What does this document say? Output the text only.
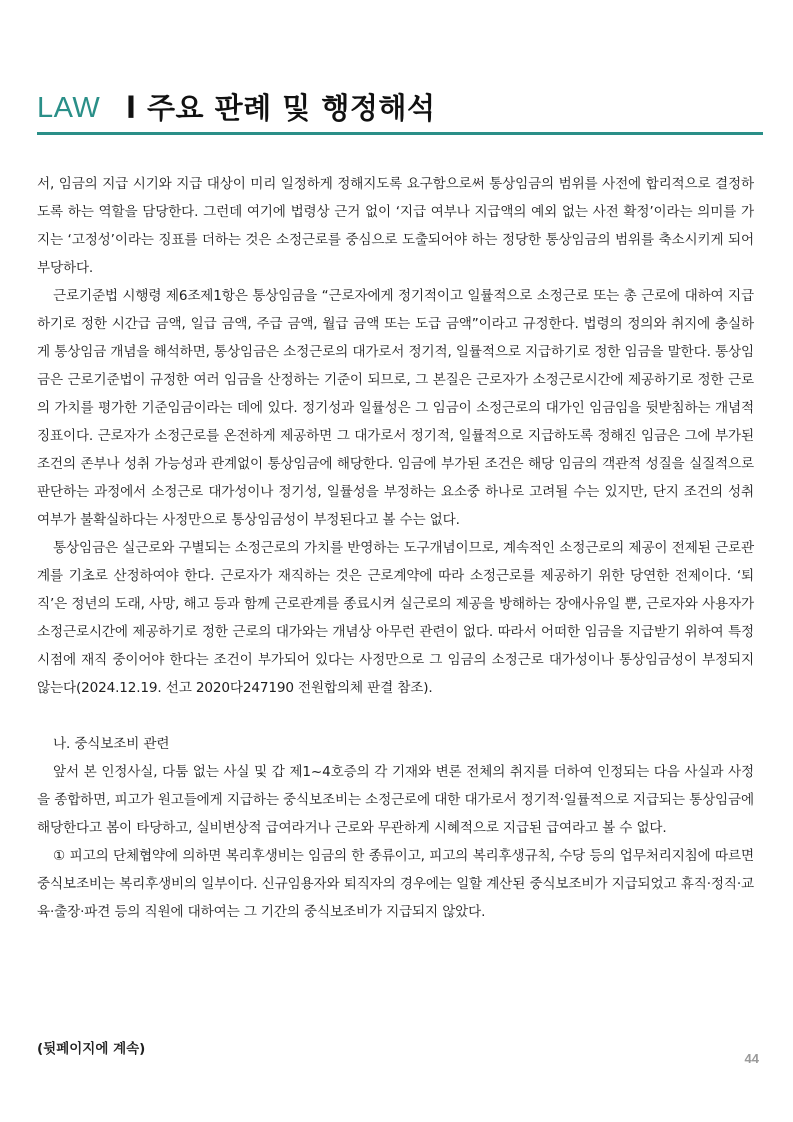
LAW l 주요 판례 및 행정해석

서, 임금의 지급 시기와 지급 대상이 미리 일정하게 정해지도록 요구함으로써 통상임금의 범위를 사전에 합리적으로 결정하도록 하는 역할을 담당한다. 그런데 여기에 법령상 근거 없이 ‘지급 여부나 지급액의 예외 없는 사전 확정’이라는 의미를 가지는 ‘고정성’이라는 징표를 더하는 것은 소정근로를 중심으로 도출되어야 하는 정당한 통상임금의 범위를 축소시키게 되어 부당하다.

근로기준법 시행령 제6조제1항은 통상임금을 “근로자에게 정기적이고 일률적으로 소정근로 또는 총 근로에 대하여 지급하기로 정한 시간급 금액, 일급 금액, 주급 금액, 월급 금액 또는 도급 금액”이라고 규정한다. 법령의 정의와 취지에 충실하게 통상임금 개념을 해석하면, 통상임금은 소정근로의 대가로서 정기적, 일률적으로 지급하기로 정한 임금을 말한다. 통상임금은 근로기준법이 규정한 여러 임금을 산정하는 기준이 되므로, 그 본질은 근로자가 소정근로시간에 제공하기로 정한 근로의 가치를 평가한 기준임금이라는 데에 있다. 정기성과 일률성은 그 임금이 소정근로의 대가인 임금임을 뒷받침하는 개념적 징표이다. 근로자가 소정근로를 온전하게 제공하면 그 대가로서 정기적, 일률적으로 지급하도록 정해진 임금은 그에 부가된 조건의 존부나 성취 가능성과 관계없이 통상임금에 해당한다. 임금에 부가된 조건은 해당 임금의 객관적 성질을 실질적으로 판단하는 과정에서 소정근로 대가성이나 정기성, 일률성을 부정하는 요소중 하나로 고려될 수는 있지만, 단지 조건의 성취 여부가 불확실하다는 사정만으로 통상임금성이 부정된다고 볼 수는 없다.

통상임금은 실근로와 구별되는 소정근로의 가치를 반영하는 도구개념이므로, 계속적인 소정근로의 제공이 전제된 근로관계를 기초로 산정하여야 한다. 근로자가 재직하는 것은 근로계약에 따라 소정근로를 제공하기 위한 당연한 전제이다. ‘퇴직’은 정년의 도래, 사망, 해고 등과 함께 근로관계를 종료시켜 실근로의 제공을 방해하는 장애사유일 뿐, 근로자와 사용자가 소정근로시간에 제공하기로 정한 근로의 대가와는 개념상 아무런 관련이 없다. 따라서 어떠한 임금을 지급받기 위하여 특정 시점에 재직 중이어야 한다는 조건이 부가되어 있다는 사정만으로 그 임금의 소정근로 대가성이나 통상임금성이 부정되지 않는다(2024.12.19. 선고 2020다247190 전원합의체 판결 참조).

나. 중식보조비 관련

앞서 본 인정사실, 다툼 없는 사실 및 갑 제1~4호증의 각 기재와 변론 전체의 취지를 더하여 인정되는 다음 사실과 사정을 종합하면, 피고가 원고들에게 지급하는 중식보조비는 소정근로에 대한 대가로서 정기적·일률적으로 지급되는 통상임금에 해당한다고 봄이 타당하고, 실비변상적 급여라거나 근로와 무관하게 시혜적으로 지급된 급여라고 볼 수 없다.

① 피고의 단체협약에 의하면 복리후생비는 임금의 한 종류이고, 피고의 복리후생규칙, 수당 등의 업무처리지침에 따르면 중식보조비는 복리후생비의 일부이다. 신규임용자와 퇴직자의 경우에는 일할 계산된 중식보조비가 지급되었고 휴직·정직·교육·출장·파견 등의 직원에 대하여는 그 기간의 중식보조비가 지급되지 않았다.

(뒷페이지에 계속)
44
